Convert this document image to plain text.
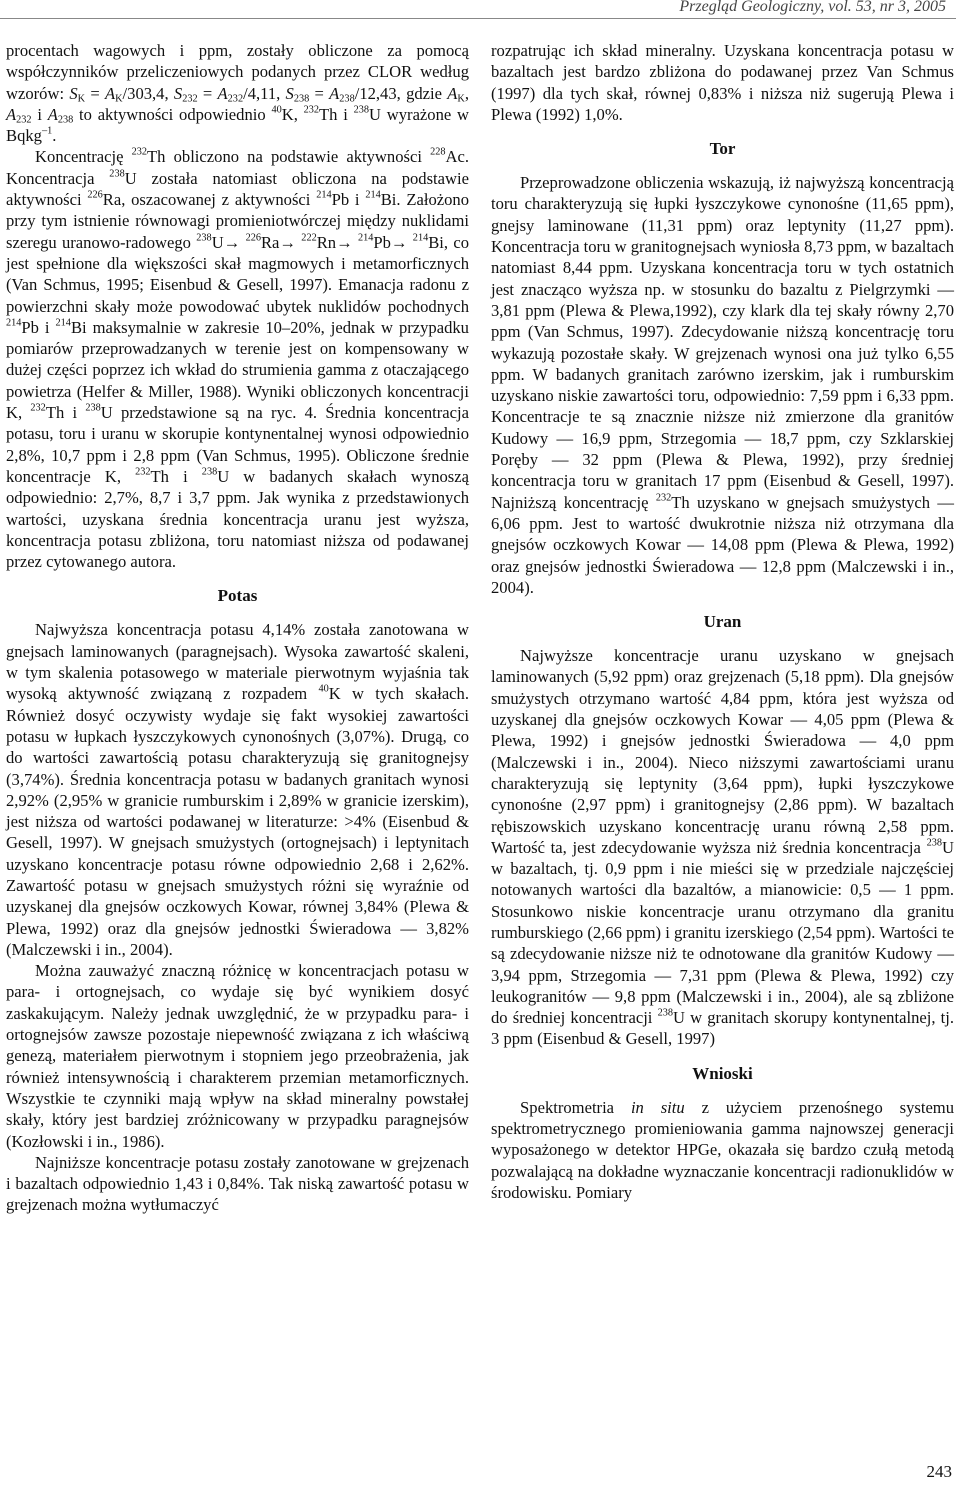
Przegląd Geologiczny, vol. 53, nr 3, 2005

procentach wagowych i ppm, zostały obliczone za pomocą współczynników przeliczeniowych podanych przez CLOR według wzorów: $S_K = A_K/303,4$, $S_{232} = A_{232}/4,11$, $S_{238} = A_{238}/12,43$, gdzie $A_K$, $A_{232}$ i $A_{238}$ to aktywności odpowiednio $^{40}$K, $^{232}$Th i $^{238}$U wyrażone w Bqkg$^{-1}$.

Koncentrację $^{232}$Th obliczono na podstawie aktywności $^{228}$Ac. Koncentracja $^{238}$U została natomiast obliczona na podstawie aktywności $^{226}$Ra, oszacowanej z aktywności $^{214}$Pb i $^{214}$Bi. Założono przy tym istnienie równowagi promieniotwórczej między nuklidami szeregu uranowo-radowego $^{238}$U→ $^{226}$Ra→ $^{222}$Rn→ $^{214}$Pb→ $^{214}$Bi, co jest spełnione dla większości skał magmowych i metamorficznych (Van Schmus, 1995; Eisenbud & Gesell, 1997). Emanacja radonu z powierzchni skały może powodować ubytek nuklidów pochodnych $^{214}$Pb i $^{214}$Bi maksymalnie w zakresie 10–20%, jednak w przypadku pomiarów przeprowadzanych w terenie jest on kompensowany w dużej części poprzez ich wkład do strumienia gamma z otaczającego powietrza (Helfer & Miller, 1988). Wyniki obliczonych koncentracji K, $^{232}$Th i $^{238}$U przedstawione są na ryc. 4. Średnia koncentracja potasu, toru i uranu w skorupie kontynentalnej wynosi odpowiednio 2,8%, 10,7 ppm i 2,8 ppm (Van Schmus, 1995). Obliczone średnie koncentracje K, $^{232}$Th i $^{238}$U w badanych skałach wynoszą odpowiednio: 2,7%, 8,7 i 3,7 ppm. Jak wynika z przedstawionych wartości, uzyskana średnia koncentracja uranu jest wyższa, koncentracja potasu zbliżona, toru natomiast niższa od podawanej przez cytowanego autora.

Potas

Najwyższa koncentracja potasu 4,14% została zanotowana w gnejsach laminowanych (paragnejsach). Wysoka zawartość skaleni, w tym skalenia potasowego w materiale pierwotnym wyjaśnia tak wysoką aktywność związaną z rozpadem $^{40}$K w tych skałach. Również dosyć oczywisty wydaje się fakt wysokiej zawartości potasu w łupkach łyszczykowych cynonośnych (3,07%). Drugą, co do wartości zawartością potasu charakteryzują się granitognejsy (3,74%). Średnia koncentracja potasu w badanych granitach wynosi 2,92% (2,95% w granicie rumburskim i 2,89% w granicie izerskim), jest niższa od wartości podawanej w literaturze: >4% (Eisenbud & Gesell, 1997). W gnejsach smużystych (ortognejsach) i leptynitach uzyskano koncentracje potasu równe odpowiednio 2,68 i 2,62%. Zawartość potasu w gnejsach smużystych różni się wyraźnie od uzyskanej dla gnejsów oczkowych Kowar, równej 3,84% (Plewa & Plewa, 1992) oraz dla gnejsów jednostki Świeradowa — 3,82% (Malczewski i in., 2004).

Można zauważyć znaczną różnicę w koncentracjach potasu w para- i ortognejsach, co wydaje się być wynikiem dosyć zaskakującym. Należy jednak uwzględnić, że w przypadku para- i ortognejsów zawsze pozostaje niepewność związana z ich właściwą genezą, materiałem pierwotnym i stopniem jego przeobrażenia, jak również intensywnością i charakterem przemian metamorficznych. Wszystkie te czynniki mają wpływ na skład mineralny powstałej skały, który jest bardziej zróżnicowany w przypadku paragnejsów (Kozłowski i in., 1986).

Najniższe koncentracje potasu zostały zanotowane w grejzenach i bazaltach odpowiednio 1,43 i 0,84%. Tak niską zawartość potasu w grejzenach można wytłumaczyć

rozpatrując ich skład mineralny. Uzyskana koncentracja potasu w bazaltach jest bardzo zbliżona do podawanej przez Van Schmus (1997) dla tych skał, równej 0,83% i niższa niż sugerują Plewa i Plewa (1992) 1,0%.

Tor

Przeprowadzone obliczenia wskazują, iż najwyższą koncentracją toru charakteryzują się łupki łyszczykowe cynonośne (11,65 ppm), gnejsy laminowane (11,31 ppm) oraz leptynity (11,27 ppm). Koncentracja toru w granitognejsach wyniosła 8,73 ppm, w bazaltach natomiast 8,44 ppm. Uzyskana koncentracja toru w tych ostatnich jest znacząco wyższa np. w stosunku do bazaltu z Pielgrzymki — 3,81 ppm (Plewa & Plewa,1992), czy klark dla tej skały równy 2,70 ppm (Van Schmus, 1997). Zdecydowanie niższą koncentrację toru wykazują pozostałe skały. W grejzenach wynosi ona już tylko 6,55 ppm. W badanych granitach zarówno izerskim, jak i rumburskim uzyskano niskie zawartości toru, odpowiednio: 7,59 ppm i 6,33 ppm. Koncentracje te są znacznie niższe niż zmierzone dla granitów Kudowy — 16,9 ppm, Strzegomia — 18,7 ppm, czy Szklarskiej Poręby — 32 ppm (Plewa & Plewa, 1992), przy średniej koncentracja toru w granitach 17 ppm (Eisenbud & Gesell, 1997). Najniższą koncentrację $^{232}$Th uzyskano w gnejsach smużystych — 6,06 ppm. Jest to wartość dwukrotnie niższa niż otrzymana dla gnejsów oczkowych Kowar — 14,08 ppm (Plewa & Plewa, 1992) oraz gnejsów jednostki Świeradowa — 12,8 ppm (Malczewski i in., 2004).

Uran

Najwyższe koncentracje uranu uzyskano w gnejsach laminowanych (5,92 ppm) oraz grejzenach (5,18 ppm). Dla gnejsów smużystych otrzymano wartość 4,84 ppm, która jest wyższa od uzyskanej dla gnejsów oczkowych Kowar — 4,05 ppm (Plewa & Plewa, 1992) i gnejsów jednostki Świeradowa — 4,0 ppm (Malczewski i in., 2004). Nieco niższymi zawartościami uranu charakteryzują się leptynity (3,64 ppm), łupki łyszczykowe cynonośne (2,97 ppm) i granitognejsy (2,86 ppm). W bazaltach rębiszowskich uzyskano koncentrację uranu równą 2,58 ppm. Wartość ta, jest zdecydowanie wyższa niż średnia koncentracja $^{238}$U w bazaltach, tj. 0,9 ppm i nie mieści się w przedziale najczęściej notowanych wartości dla bazaltów, a mianowicie: 0,5 — 1 ppm. Stosunkowo niskie koncentracje uranu otrzymano dla granitu rumburskiego (2,66 ppm) i granitu izerskiego (2,54 ppm). Wartości te są zdecydowanie niższe niż te odnotowane dla granitów Kudowy — 3,94 ppm, Strzegomia — 7,31 ppm (Plewa & Plewa, 1992) czy leukogranitów — 9,8 ppm (Malczewski i in., 2004), ale są zbliżone do średniej koncentracji $^{238}$U w granitach skorupy kontynentalnej, tj. 3 ppm (Eisenbud & Gesell, 1997)

Wnioski

Spektrometria in situ z użyciem przenośnego systemu spektrometrycznego promieniowania gamma najnowszej generacji wyposażonego w detektor HPGe, okazała się bardzo czułą metodą pozwalającą na dokładne wyznaczanie koncentracji radionuklidów w środowisku. Pomiary

243
